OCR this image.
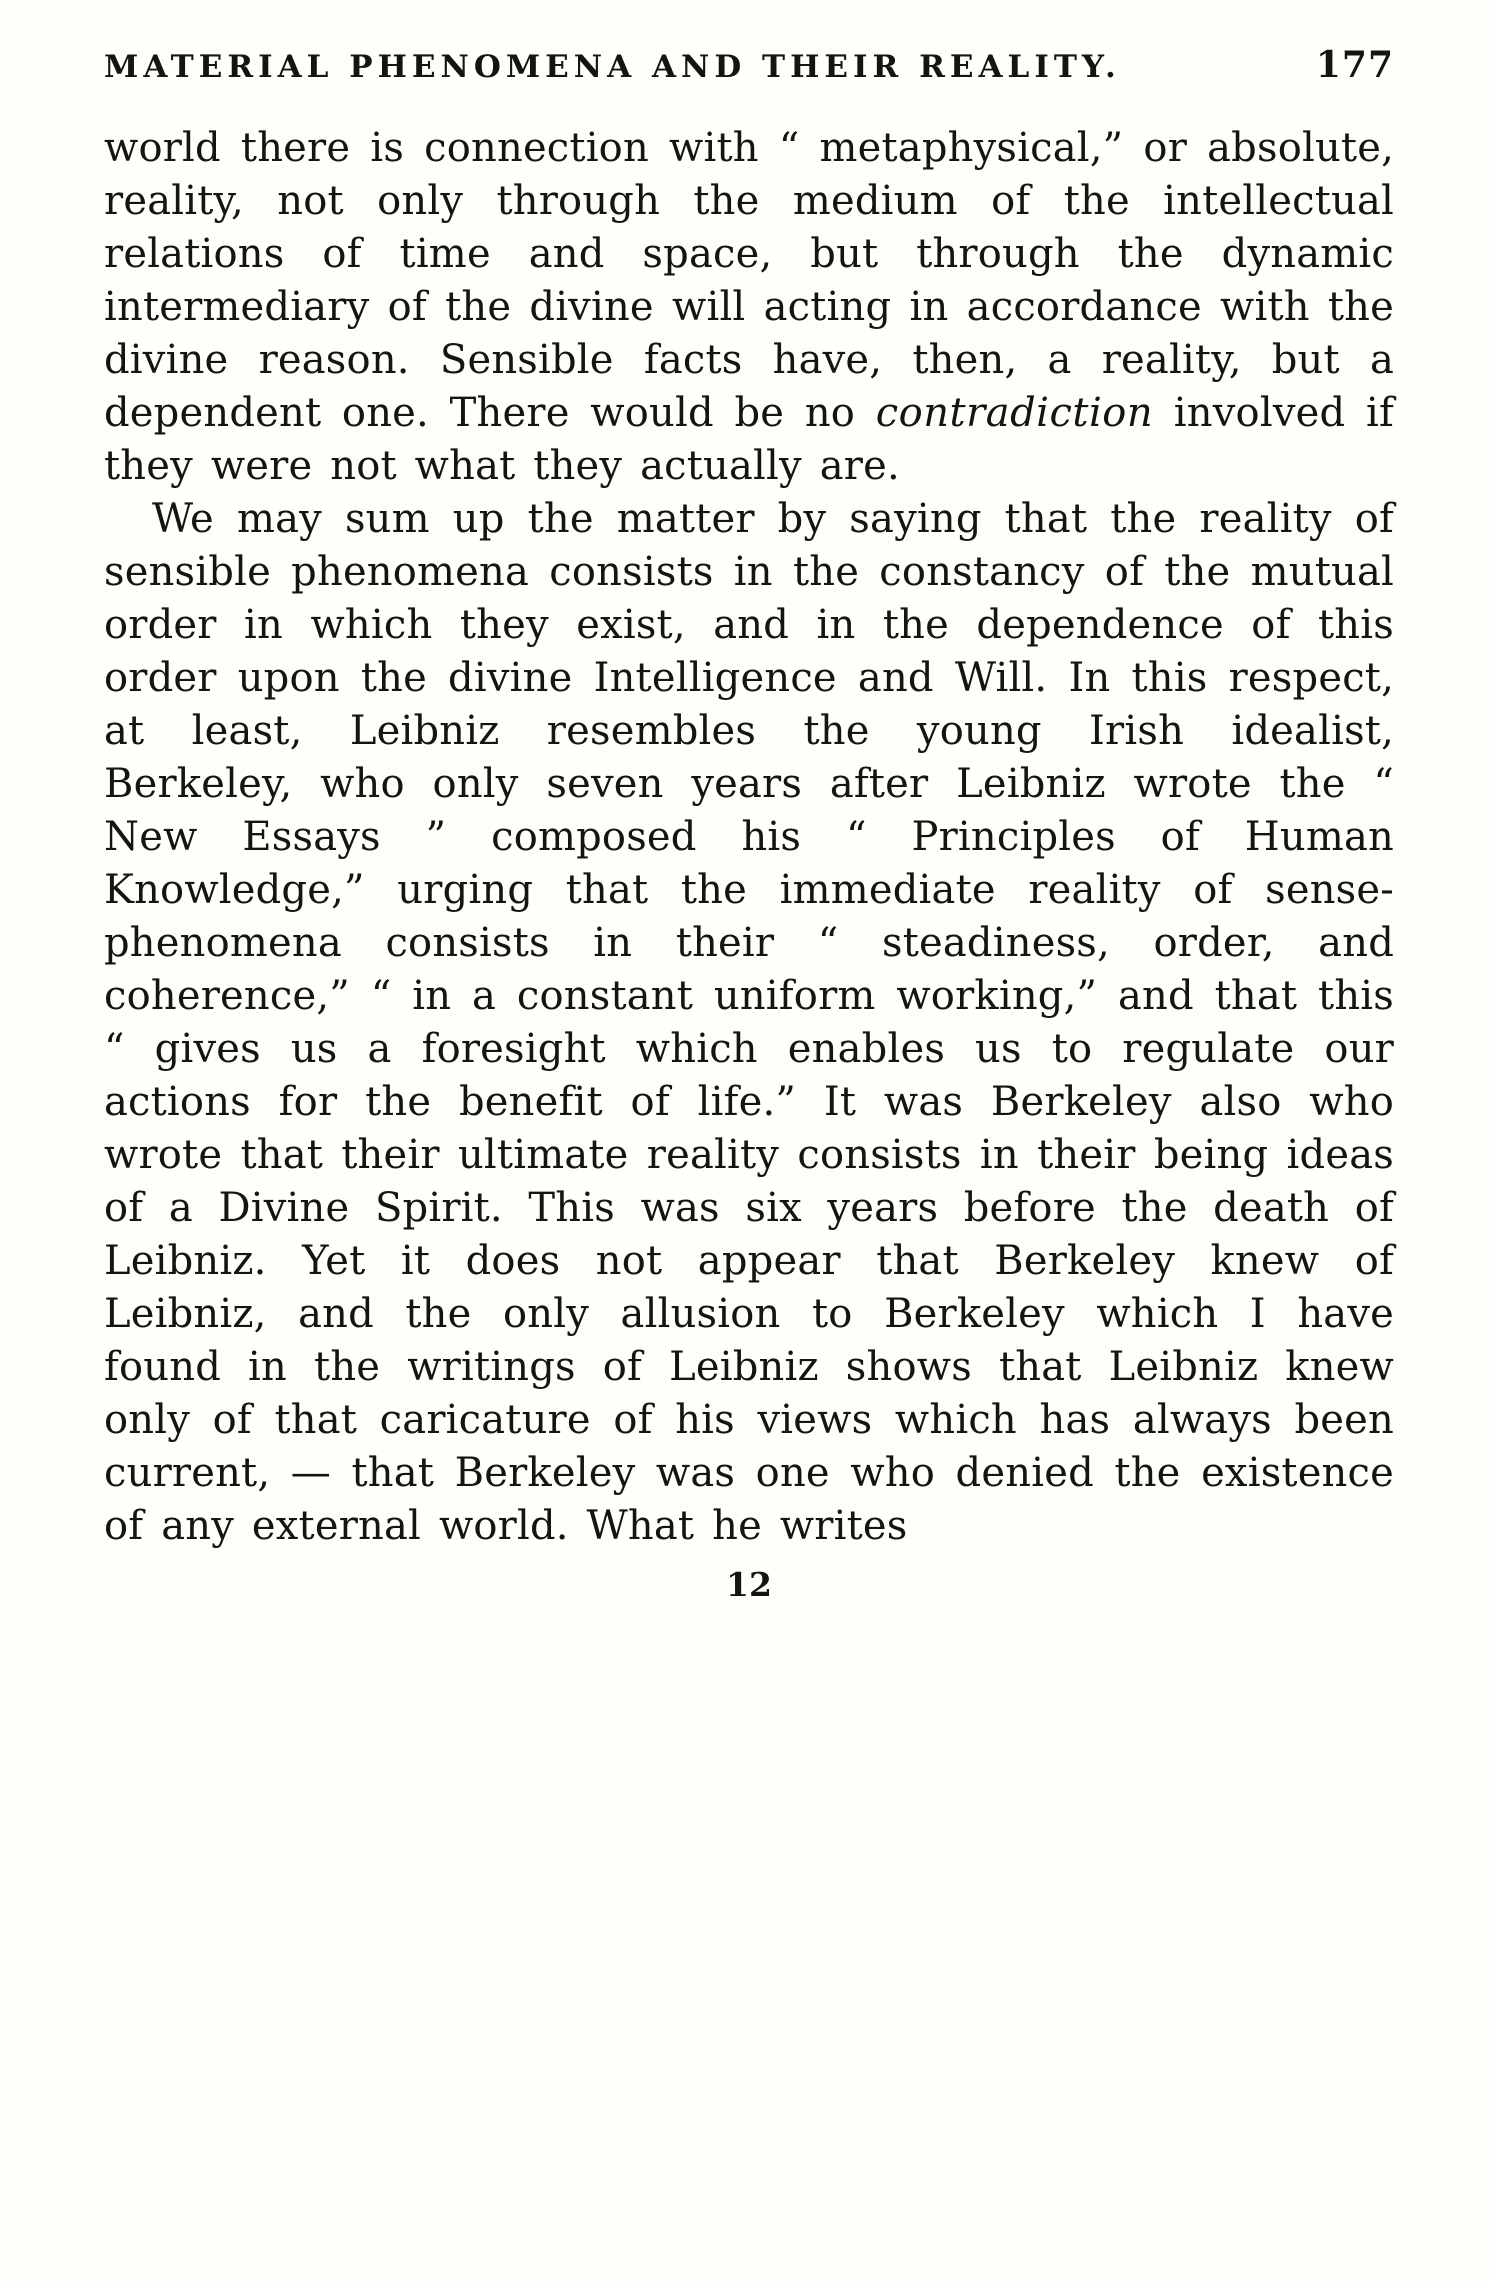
MATERIAL PHENOMENA AND THEIR REALITY.	177

world there is connection with “ metaphysical,” or absolute, reality, not only through the medium of the intellectual relations of time and space, but through the dynamic intermediary of the divine will acting in accordance with the divine reason. Sensible facts have, then, a reality, but a dependent one. There would be no contradiction involved if they were not what they actually are.

We may sum up the matter by saying that the reality of sensible phenomena consists in the constancy of the mutual order in which they exist, and in the dependence of this order upon the divine Intelligence and Will. In this respect, at least, Leibniz resembles the young Irish idealist, Berkeley, who only seven years after Leibniz wrote the “ New Essays ” composed his “ Principles of Human Knowledge,” urging that the immediate reality of sense-phenomena consists in their “ steadiness, order, and coherence,” “ in a constant uniform working,” and that this “ gives us a foresight which enables us to regulate our actions for the benefit of life.” It was Berkeley also who wrote that their ultimate reality consists in their being ideas of a Divine Spirit. This was six years before the death of Leibniz. Yet it does not appear that Berkeley knew of Leibniz, and the only allusion to Berkeley which I have found in the writings of Leibniz shows that Leibniz knew only of that caricature of his views which has always been current, — that Berkeley was one who denied the existence of any external world. What he writes

12
